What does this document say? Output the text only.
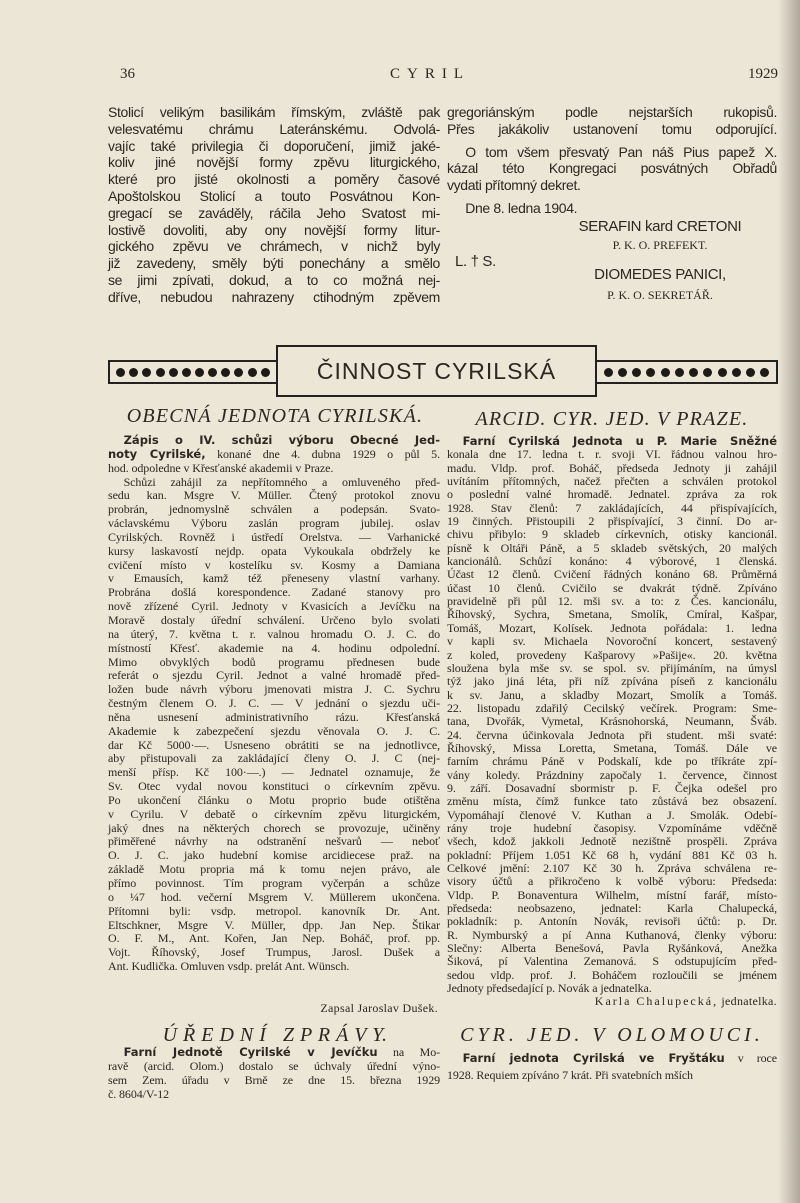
36	CYRIL	1929
Stolicí velikým basilikám římským, zvláště pak
velesvatému chrámu Lateránskému. Odvolá-
vajíc také privilegia či doporučení, jimiž jaké-
koliv jiné novější formy zpěvu liturgického,
které pro jisté okolnosti a poměry časové
Apoštolskou Stolicí a touto Posvátnou Kon-
gregací se zaváděly, ráčila Jeho Svatost mi-
lostivě dovoliti, aby ony novější formy litur-
gického zpěvu ve chrámech, v nichž byly
již zavedeny, směly býti ponechány a smělo
se jimi zpívati, dokud, a to co možná nej-
dříve, nebudou nahrazeny ctihodným zpěvem
gregoriánským podle nejstarších rukopisů.
Přes jakákoliv ustanovení tomu odporující.
O tom všem přesvatý Pan náš Pius papež X.
kázal této Kongregaci posvátných Obřadů
vydati přítomný dekret.
Dne 8. ledna 1904.
SERAFIN kard CRETONI
P. K. O. PREFEKT.
L. † S.
DIOMEDES PANICI,
P. K. O. SEKRETÁŘ.
ČINNOST CYRILSKÁ
OBECNÁ JEDNOTA CYRILSKÁ.
Zápis o IV. schůzi výboru Obecné Jed-
noty Cyrilské, konané dne 4. dubna 1929 o půl 5.
hod. odpoledne v Křesťanské akademii v Praze.
Schůzi zahájil za nepřítomného a omluveného před-
sedu kan. Msgre V. Müller. Čtený protokol znovu
probrán, jednomyslně schválen a podepsán. Svato-
václavskému Výboru zaslán program jubilej. oslav
Cyrilských. Rovněž i ústředí Orelstva. — Varhanické
kursy laskavostí nejdp. opata Vykoukala obdržely ke
cvičení místo v kostelíku sv. Kosmy a Damiana
v Emausích, kamž též přeneseny vlastní varhany.
Probrána došlá korespondence. Zadané stanovy pro
nově zřízené Cyril. Jednoty v Kvasicích a Jevíčku na
Moravě dostaly úřední schválení. Určeno bylo svolati
na úterý, 7. května t. r. valnou hromadu O. J. C. do
místností Křesť. akademie na 4. hodinu odpolední.
Mimo obvyklých bodů programu přednesen bude
referát o sjezdu Cyril. Jednot a valné hromadě před-
ložen bude návrh výboru jmenovati mistra J. C. Sychru
čestným členem O. J. C. — V jednání o sjezdu uči-
něna usnesení administrativního rázu. Křesťanská
Akademie k zabezpečení sjezdu věnovala O. J. C.
dar Kč 5000·—. Usneseno obrátiti se na jednotlivce,
aby přistupovali za zakládající členy O. J. C (nej-
menší přísp. Kč 100·—.) — Jednatel oznamuje, že
Sv. Otec vydal novou konstituci o církevním zpěvu.
Po ukončení článku o Motu proprio bude otištěna
v Cyrilu. V debatě o církevním zpěvu liturgickém,
jaký dnes na některých chorech se provozuje, učiněny
přiměřené návrhy na odstranění nešvarů — neboť
O. J. C. jako hudební komise arcidiecese praž. na
základě Motu propria má k tomu nejen právo, ale
přímo povinnost. Tím program vyčerpán a schůze
o ¼7 hod. večerní Msgrem V. Müllerem ukončena.
Přítomni byli: vsdp. metropol. kanovník Dr. Ant.
Eltschkner, Msgre V. Müller, dpp. Jan Nep. Štikar
O. F. M., Ant. Kořen, Jan Nep. Boháč, prof. pp.
Vojt. Říhovský, Josef Trumpus, Jarosl. Dušek a
Ant. Kudlička. Omluven vsdp. prelát Ant. Wünsch.
Zapsal Jaroslav Dušek.
Ú Ř E D N Í   Z P R Á V Y.
Farní Jednotě Cyrilské v Jevíčku na Mo-
ravě (arcid. Olom.) dostalo se úchvaly úřední výno-
sem Zem. úřadu v Brně ze dne 15. března 1929
č. 8604/V-12
ARCID. CYR. JED. V PRAZE.
Farní Cyrilská Jednota u P. Marie Sněžné
konala dne 17. ledna t. r. svoji VI. řádnou valnou hro-
madu. Vldp. prof. Boháč, předseda Jednoty ji zahájil
uvítáním přítomných, načež přečten a schválen protokol
o poslední valné hromadě. Jednatel. zpráva za rok
1928. Stav členů: 7 zakládajících, 44 přispívajících,
19 činných. Přistoupili 2 přispívající, 3 činní. Do ar-
chivu přibylo: 9 skladeb církevních, otisky kancionál.
písně k Oltáři Páně, a 5 skladeb světských, 20 malých
kancionálů. Schůzí konáno: 4 výborové, 1 členská.
Účast 12 členů. Cvičení řádných konáno 68. Průměrná
účast 10 členů. Cvičilo se dvakrát týdně. Zpíváno
pravidelně při půl 12. mši sv. a to: z Čes. kancionálu,
Říhovský, Sychra, Smetana, Smolík, Cmíral, Kašpar,
Tomáš, Mozart, Kolísek. Jednota pořádala: 1. ledna
v kapli sv. Michaela Novoroční koncert, sestavený
z koled, provedeny Kašparovy »Pašije«. 20. května
sloužena byla mše sv. se spol. sv. přijímáním, na úmysl
týž jako jiná léta, při níž zpívána píseň z kancionálu
k sv. Janu, a skladby Mozart, Smolík a Tomáš.
22. listopadu zdařilý Cecilský večírek. Program: Sme-
tana, Dvořák, Vymetal, Krásnohorská, Neumann, Šváb.
24. června účinkovala Jednota při student. mši svaté:
Říhovský, Missa Loretta, Smetana, Tomáš. Dále ve
farním chrámu Páně v Podskalí, kde po tříkráte zpí-
vány koledy. Prázdniny započaly 1. července, činnost
9. září. Dosavadní sbormistr p. F. Čejka odešel pro
změnu místa, čímž funkce tato zůstává bez obsazení.
Vypomáhají členové V. Kuthan a J. Smolák. Odebí-
rány troje hudební časopisy. Vzpomínáme vděčně
všech, kdož jakkoli Jednotě nezištně prospěli. Zpráva
pokladní: Příjem 1.051 Kč 68 h, vydání 881 Kč 03 h.
Celkové jmění: 2.107 Kč 30 h. Zpráva schválena re-
visory účtů a přikročeno k volbě výboru: Předseda:
Vldp. P. Bonaventura Wilhelm, místní farář, místo-
předseda: neobsazeno, jednatel: Karla Chalupecká,
pokladník: p. Antonín Novák, revisoři účtů: p. Dr.
R. Nymburský a pí Anna Kuthanová, členky výboru:
Slečny: Alberta Benešová, Pavla Ryšánková, Anežka
Šiková, pí Valentina Zemanová. S odstupujícím před-
sedou vldp. prof. J. Boháčem rozloučili se jménem
Jednoty předsedající p. Novák a jednatelka.
Karla Chalupecká, jednatelka.
CYR. JED. V OLOMOUCI.
Farní jednota Cyrilská ve Fryštáku v roce
1928. Requiem zpíváno 7 krát. Při svatebních mších
